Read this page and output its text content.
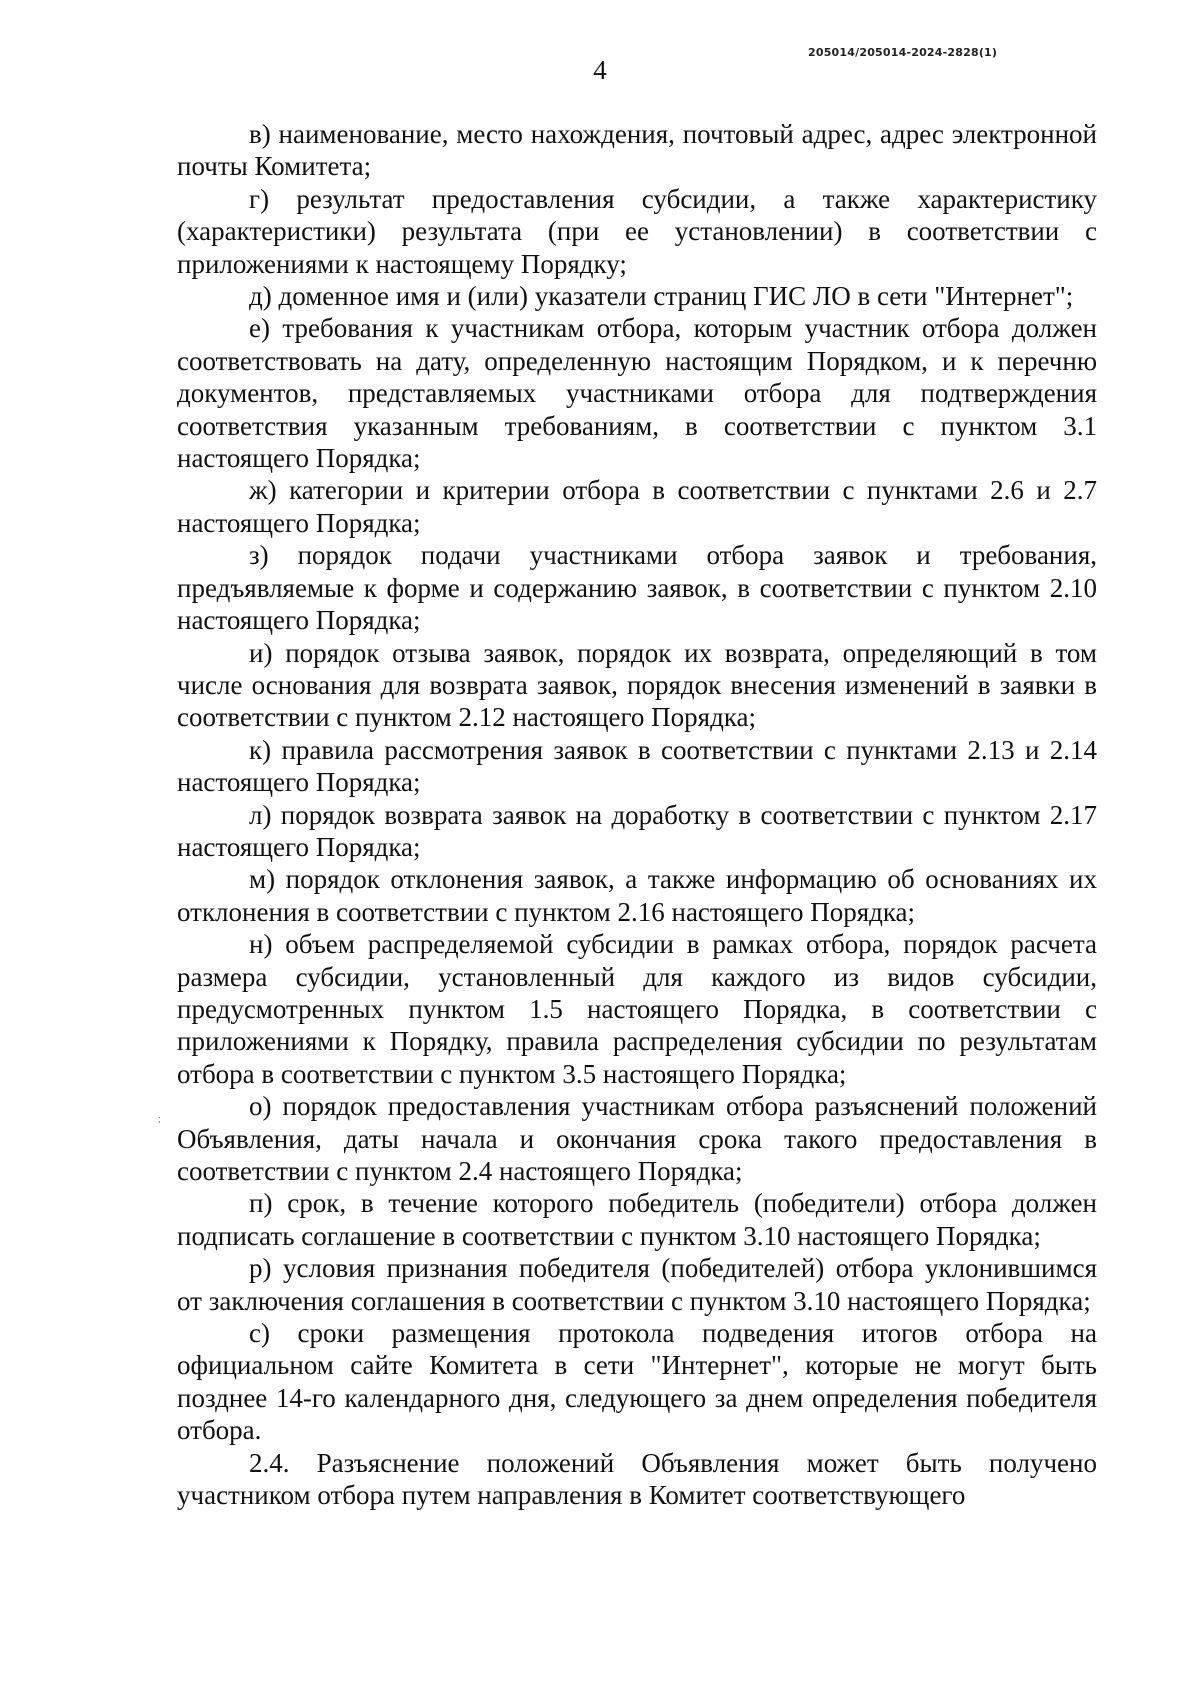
205014/205014-2024-2828(1)
4
;

в) наименование, место нахождения, почтовый адрес, адрес электронной почты Комитета;

г) результат предоставления субсидии, а также характеристику (характеристики) результата (при ее установлении) в соответствии с приложениями к настоящему Порядку;

д) доменное имя и (или) указатели страниц ГИС ЛО в сети "Интернет";

е) требования к участникам отбора, которым участник отбора должен соответствовать на дату, определенную настоящим Порядком, и к перечню документов, представляемых участниками отбора для подтверждения соответствия указанным требованиям, в соответствии с пунктом 3.1 настоящего Порядка;

ж) категории и критерии отбора в соответствии с пунктами 2.6 и 2.7 настоящего Порядка;

з) порядок подачи участниками отбора заявок и требования, предъявляемые к форме и содержанию заявок, в соответствии с пунктом 2.10 настоящего Порядка;

и) порядок отзыва заявок, порядок их возврата, определяющий в том числе основания для возврата заявок, порядок внесения изменений в заявки в соответствии с пунктом 2.12 настоящего Порядка;

к) правила рассмотрения заявок в соответствии с пунктами 2.13 и 2.14 настоящего Порядка;

л) порядок возврата заявок на доработку в соответствии с пунктом 2.17 настоящего Порядка;

м) порядок отклонения заявок, а также информацию об основаниях их отклонения в соответствии с пунктом 2.16 настоящего Порядка;

н) объем распределяемой субсидии в рамках отбора, порядок расчета размера субсидии, установленный для каждого из видов субсидии, предусмотренных пунктом 1.5 настоящего Порядка, в соответствии с приложениями к Порядку, правила распределения субсидии по результатам отбора в соответствии с пунктом 3.5 настоящего Порядка;

о) порядок предоставления участникам отбора разъяснений положений Объявления, даты начала и окончания срока такого предоставления в соответствии с пунктом 2.4 настоящего Порядка;

п) срок, в течение которого победитель (победители) отбора должен подписать соглашение в соответствии с пунктом 3.10 настоящего Порядка;

р) условия признания победителя (победителей) отбора уклонившимся от заключения соглашения в соответствии с пунктом 3.10 настоящего Порядка;

с) сроки размещения протокола подведения итогов отбора на официальном сайте Комитета в сети "Интернет", которые не могут быть позднее 14-го календарного дня, следующего за днем определения победителя отбора.

2.4. Разъяснение положений Объявления может быть получено участником отбора путем направления в Комитет соответствующего
